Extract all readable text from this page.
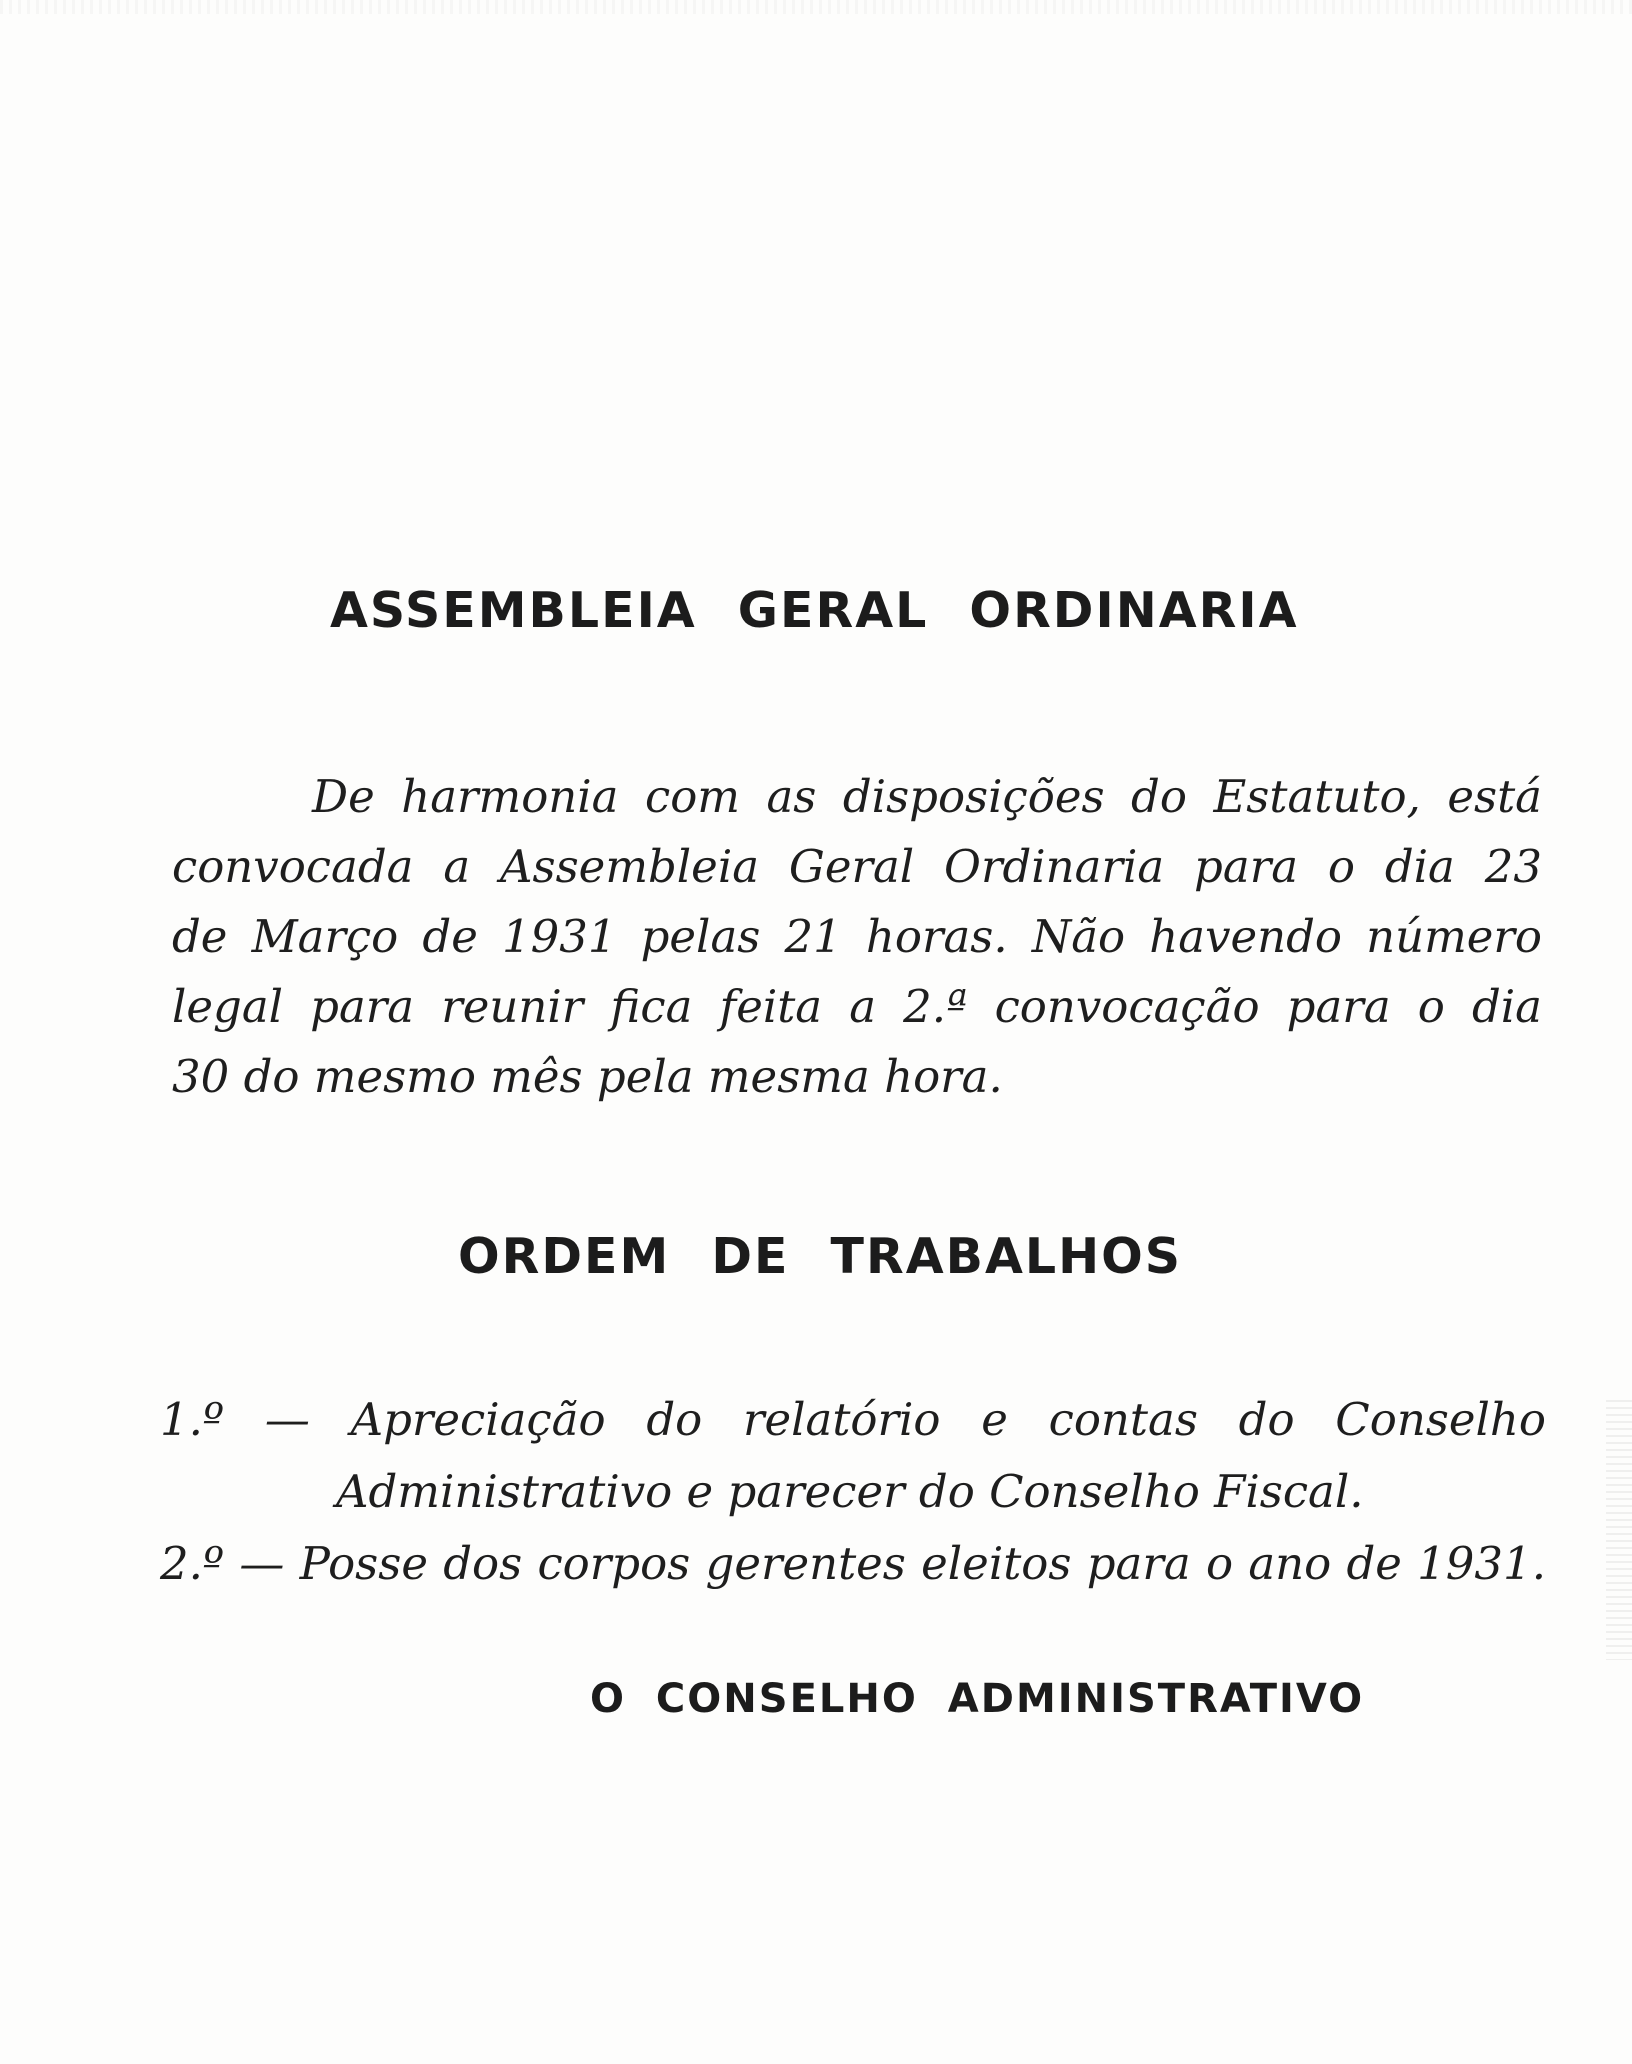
ASSEMBLEIA GERAL ORDINARIA
De harmonia com as disposições do Estatuto, está
convocada a Assembleia Geral Ordinaria para o dia 23
de Março de 1931 pelas 21 horas. Não havendo número
legal para reunir fica feita a 2.ª convocação para o dia
30 do mesmo mês pela mesma hora.
ORDEM DE TRABALHOS
1.º — Apreciação do relatório e contas do Conselho
Administrativo e parecer do Conselho Fiscal.
2.º — Posse dos corpos gerentes eleitos para o ano de 1931.
O CONSELHO ADMINISTRATIVO
